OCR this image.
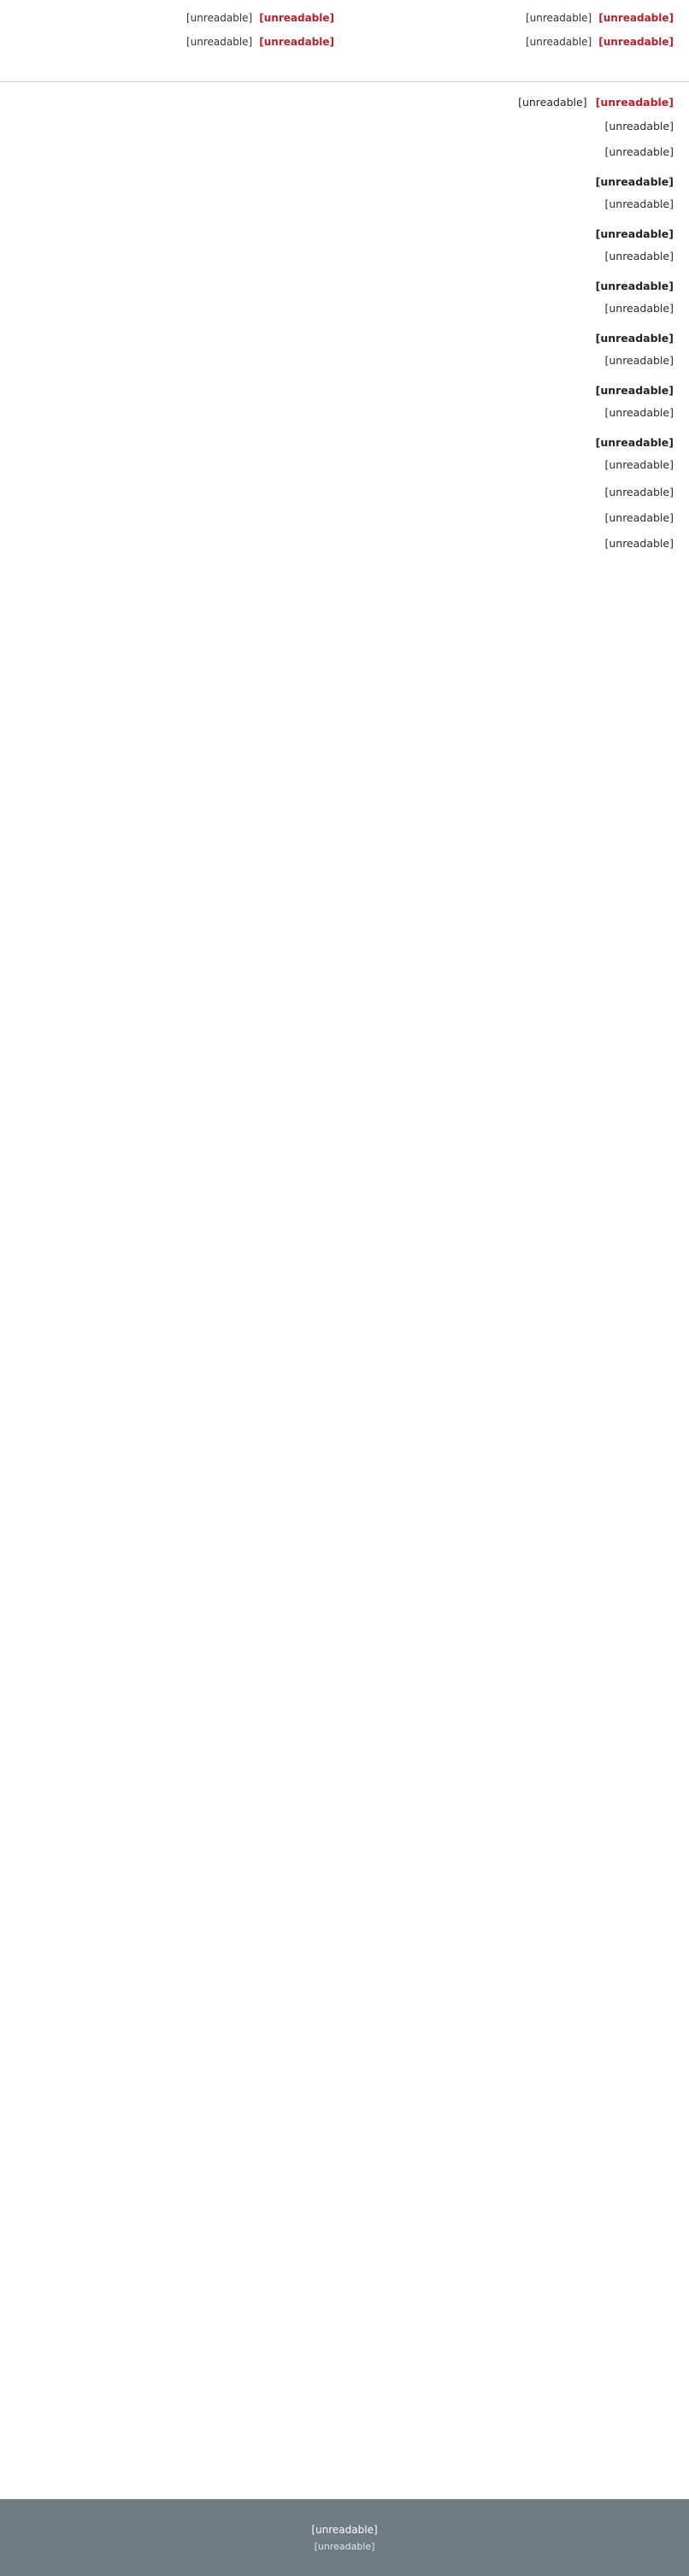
[unreadable]
[unreadable]
[unreadable]
[unreadable]
[unreadable]
[unreadable]
[unreadable]
[unreadable]
[unreadable] [unreadable]

[unreadable]

[unreadable]

[unreadable]

[unreadable]

[unreadable]

[unreadable]

[unreadable]

[unreadable]

[unreadable]

[unreadable]

[unreadable]

[unreadable]

[unreadable]

[unreadable]

[unreadable]

[unreadable]

[unreadable]

[unreadable]
[unreadable]
